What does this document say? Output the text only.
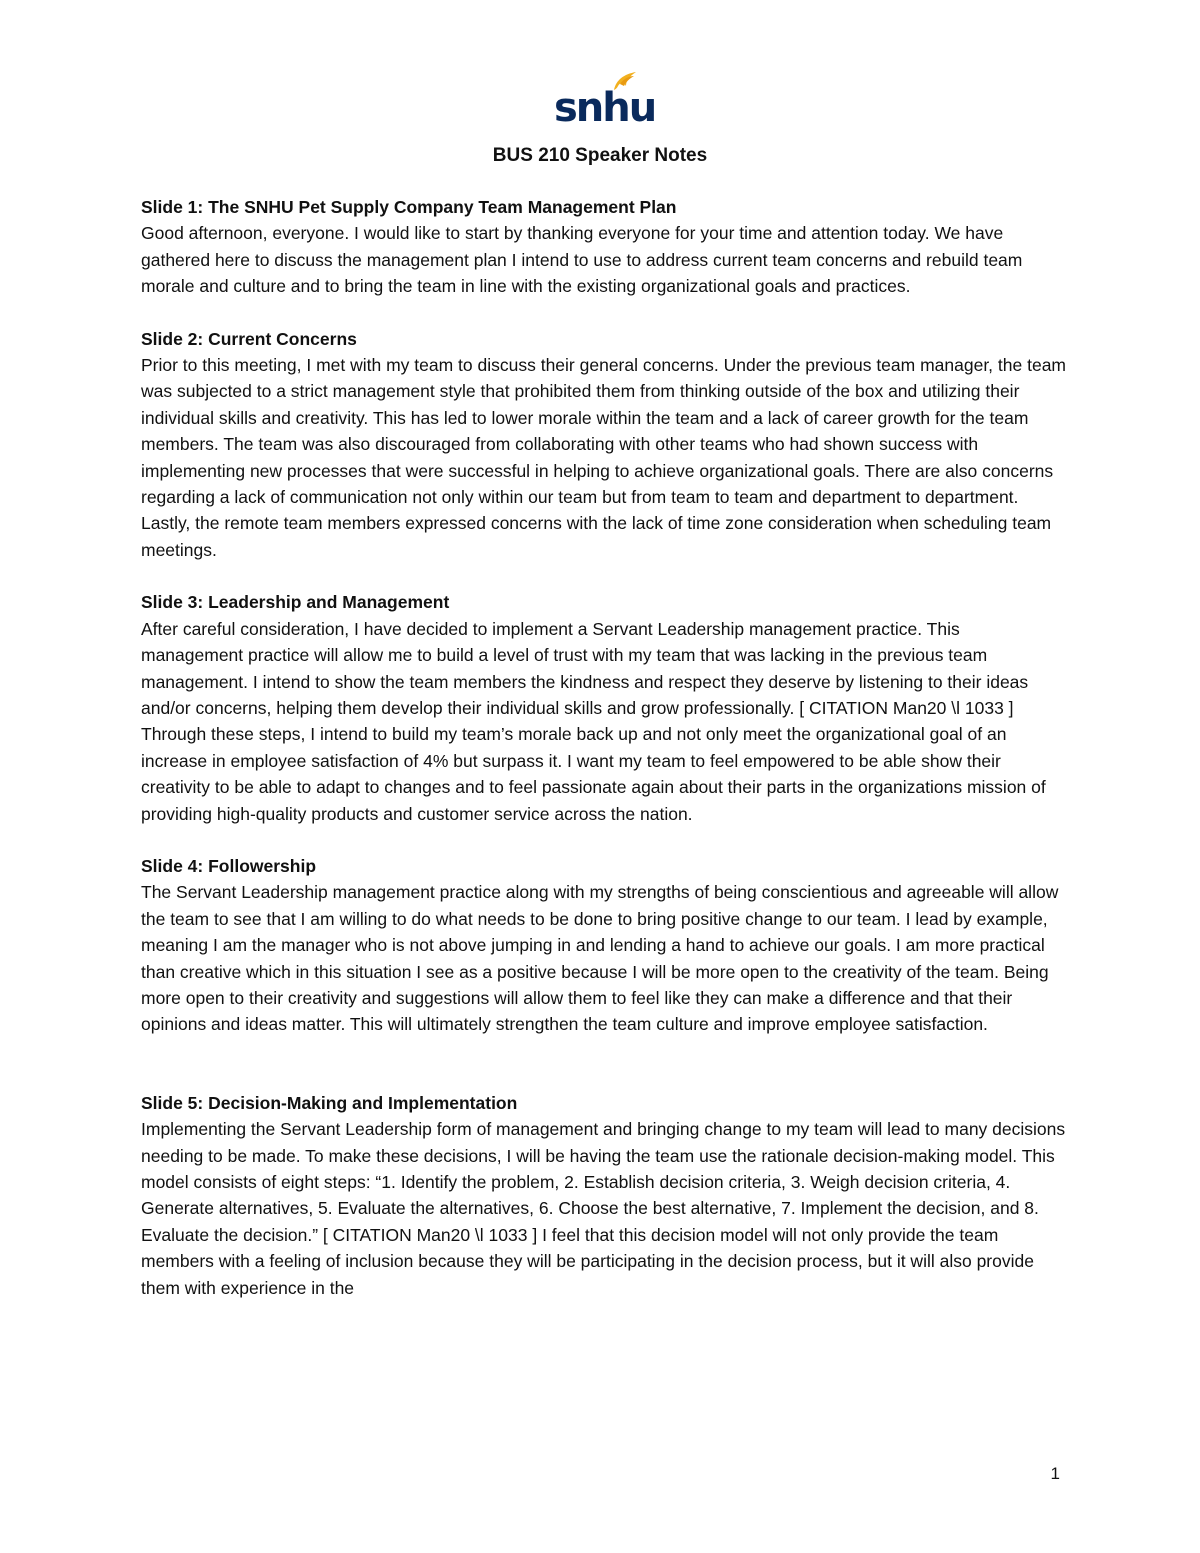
snhu
BUS 210 Speaker Notes

Slide 1: The SNHU Pet Supply Company Team Management Plan

Good afternoon, everyone. I would like to start by thanking everyone for your time and attention today. We have gathered here to discuss the management plan I intend to use to address current team concerns and rebuild team morale and culture and to bring the team in line with the existing organizational goals and practices.

Slide 2: Current Concerns

Prior to this meeting, I met with my team to discuss their general concerns. Under the previous team manager, the team was subjected to a strict management style that prohibited them from thinking outside of the box and utilizing their individual skills and creativity. This has led to lower morale within the team and a lack of career growth for the team members. The team was also discouraged from collaborating with other teams who had shown success with implementing new processes that were successful in helping to achieve organizational goals. There are also concerns regarding a lack of communication not only within our team but from team to team and department to department. Lastly, the remote team members expressed concerns with the lack of time zone consideration when scheduling team meetings.

Slide 3: Leadership and Management

After careful consideration, I have decided to implement a Servant Leadership management practice. This management practice will allow me to build a level of trust with my team that was lacking in the previous team management. I intend to show the team members the kindness and respect they deserve by listening to their ideas and/or concerns, helping them develop their individual skills and grow professionally. [ CITATION Man20 \l 1033 ] Through these steps, I intend to build my team’s morale back up and not only meet the organizational goal of an increase in employee satisfaction of 4% but surpass it. I want my team to feel empowered to be able show their creativity to be able to adapt to changes and to feel passionate again about their parts in the organizations mission of providing high-quality products and customer service across the nation.

Slide 4: Followership

The Servant Leadership management practice along with my strengths of being conscientious and agreeable will allow the team to see that I am willing to do what needs to be done to bring positive change to our team. I lead by example, meaning I am the manager who is not above jumping in and lending a hand to achieve our goals. I am more practical than creative which in this situation I see as a positive because I will be more open to the creativity of the team. Being more open to their creativity and suggestions will allow them to feel like they can make a difference and that their opinions and ideas matter. This will ultimately strengthen the team culture and improve employee satisfaction.

Slide 5: Decision-Making and Implementation

Implementing the Servant Leadership form of management and bringing change to my team will lead to many decisions needing to be made. To make these decisions, I will be having the team use the rationale decision-making model. This model consists of eight steps: “1. Identify the problem, 2. Establish decision criteria, 3. Weigh decision criteria, 4. Generate alternatives, 5. Evaluate the alternatives, 6. Choose the best alternative, 7. Implement the decision, and 8. Evaluate the decision.” [ CITATION Man20 \l 1033 ] I feel that this decision model will not only provide the team members with a feeling of inclusion because they will be participating in the decision process, but it will also provide them with experience in the

1
